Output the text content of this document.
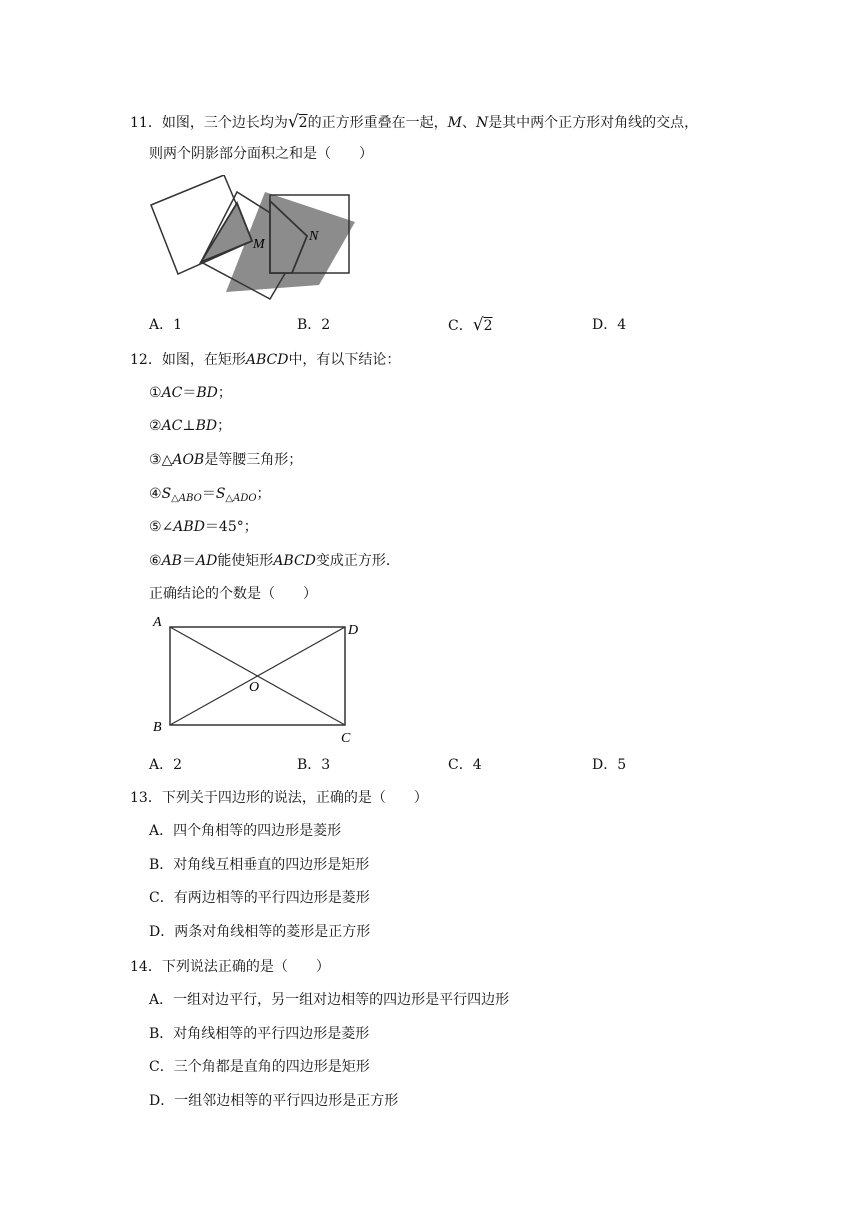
11．如图，三个边长均为√2的正方形重叠在一起，M、N是其中两个正方形对角线的交点，
则两个阴影部分面积之和是（　　）
M
N
A．1	B．2	C．√2	D．4
12．如图，在矩形ABCD中，有以下结论：
①AC＝BD；
②AC⊥BD；
③△AOB是等腰三角形；
$④S_{\triangle ABO}=S_{\triangle ADO}$；
⑤∠ABD＝45°；
⑥AB＝AD能使矩形ABCD变成正方形．
正确结论的个数是（　　）
A
D
B
C
O
A．2	B．3	C．4	D．5
13．下列关于四边形的说法，正确的是（　　）
A．四个角相等的四边形是菱形
B．对角线互相垂直的四边形是矩形
C．有两边相等的平行四边形是菱形
D．两条对角线相等的菱形是正方形
14．下列说法正确的是（　　）
A．一组对边平行，另一组对边相等的四边形是平行四边形
B．对角线相等的平行四边形是菱形
C．三个角都是直角的四边形是矩形
D．一组邻边相等的平行四边形是正方形
